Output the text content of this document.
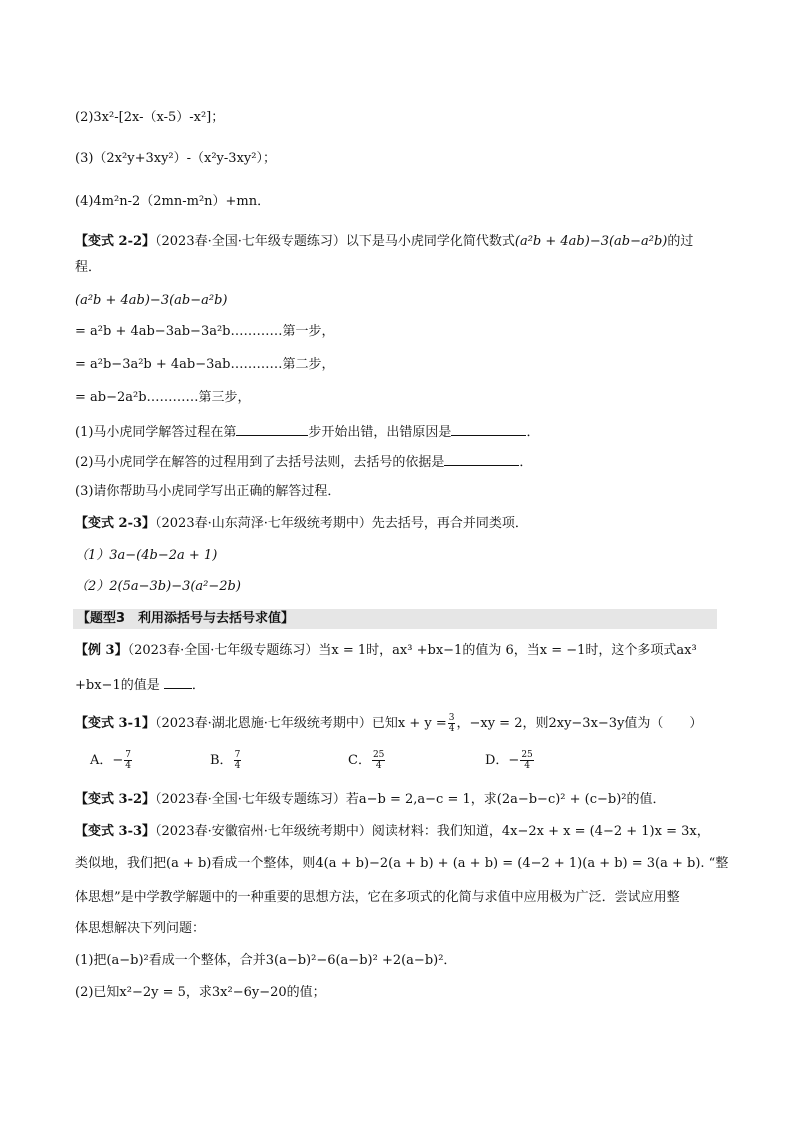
(2)3x²-[2x-（x-5）-x²]；
(3)（2x²y+3xy²）-（x²y-3xy²）；
(4)4m²n-2（2mn-m²n）+mn．
【变式 2-2】（2023春·全国·七年级专题练习）以下是马小虎同学化简代数式(a²b + 4ab)−3(ab−a²b)的过
程．
(a²b + 4ab)−3(ab−a²b)
= a²b + 4ab−3ab−3a²b…………第一步，
= a²b−3a²b + 4ab−3ab…………第二步，
= ab−2a²b…………第三步，
(1)马小虎同学解答过程在第	步开始出错，出错原因是	．
(2)马小虎同学在解答的过程用到了去括号法则，去括号的依据是	．
(3)请你帮助马小虎同学写出正确的解答过程．
【变式 2-3】（2023春·山东菏泽·七年级统考期中）先去括号，再合并同类项．
（1）3a−(4b−2a + 1)
（2）2(5a−3b)−3(a²−2b)
【题型3　利用添括号与去括号求值】
【例 3】（2023春·全国·七年级专题练习）当x = 1时，ax³ +bx−1的值为 6，当x = −1时，这个多项式ax³
+bx−1的值是 ．
【变式 3-1】（2023春·湖北恩施·七年级统考期中）已知$x + y = \frac{3}{4}$ ，−xy = 2，则2xy−3x−3y值为（　　）
A．− $\frac{7}{4}$	B． $\frac{7}{4}$	C． $\frac{25}{4}$	D．− $\frac{25}{4}$
【变式 3-2】（2023春·全国·七年级专题练习）若a−b = 2,a−c = 1，求(2a−b−c)² + (c−b)²的值．
【变式 3-3】（2023春·安徽宿州·七年级统考期中）阅读材料：我们知道，4x−2x + x = (4−2 + 1)x = 3x，
类似地，我们把(a + b)看成一个整体，则4(a + b)−2(a + b) + (a + b) = (4−2 + 1)(a + b) = 3(a + b). “整
体思想”是中学教学解题中的一种重要的思想方法，它在多项式的化简与求值中应用极为广泛．尝试应用整
体思想解决下列问题：
(1)把(a−b)²看成一个整体，合并3(a−b)²−6(a−b)² +2(a−b)²．
(2)已知x²−2y = 5，求3x²−6y−20的值；
